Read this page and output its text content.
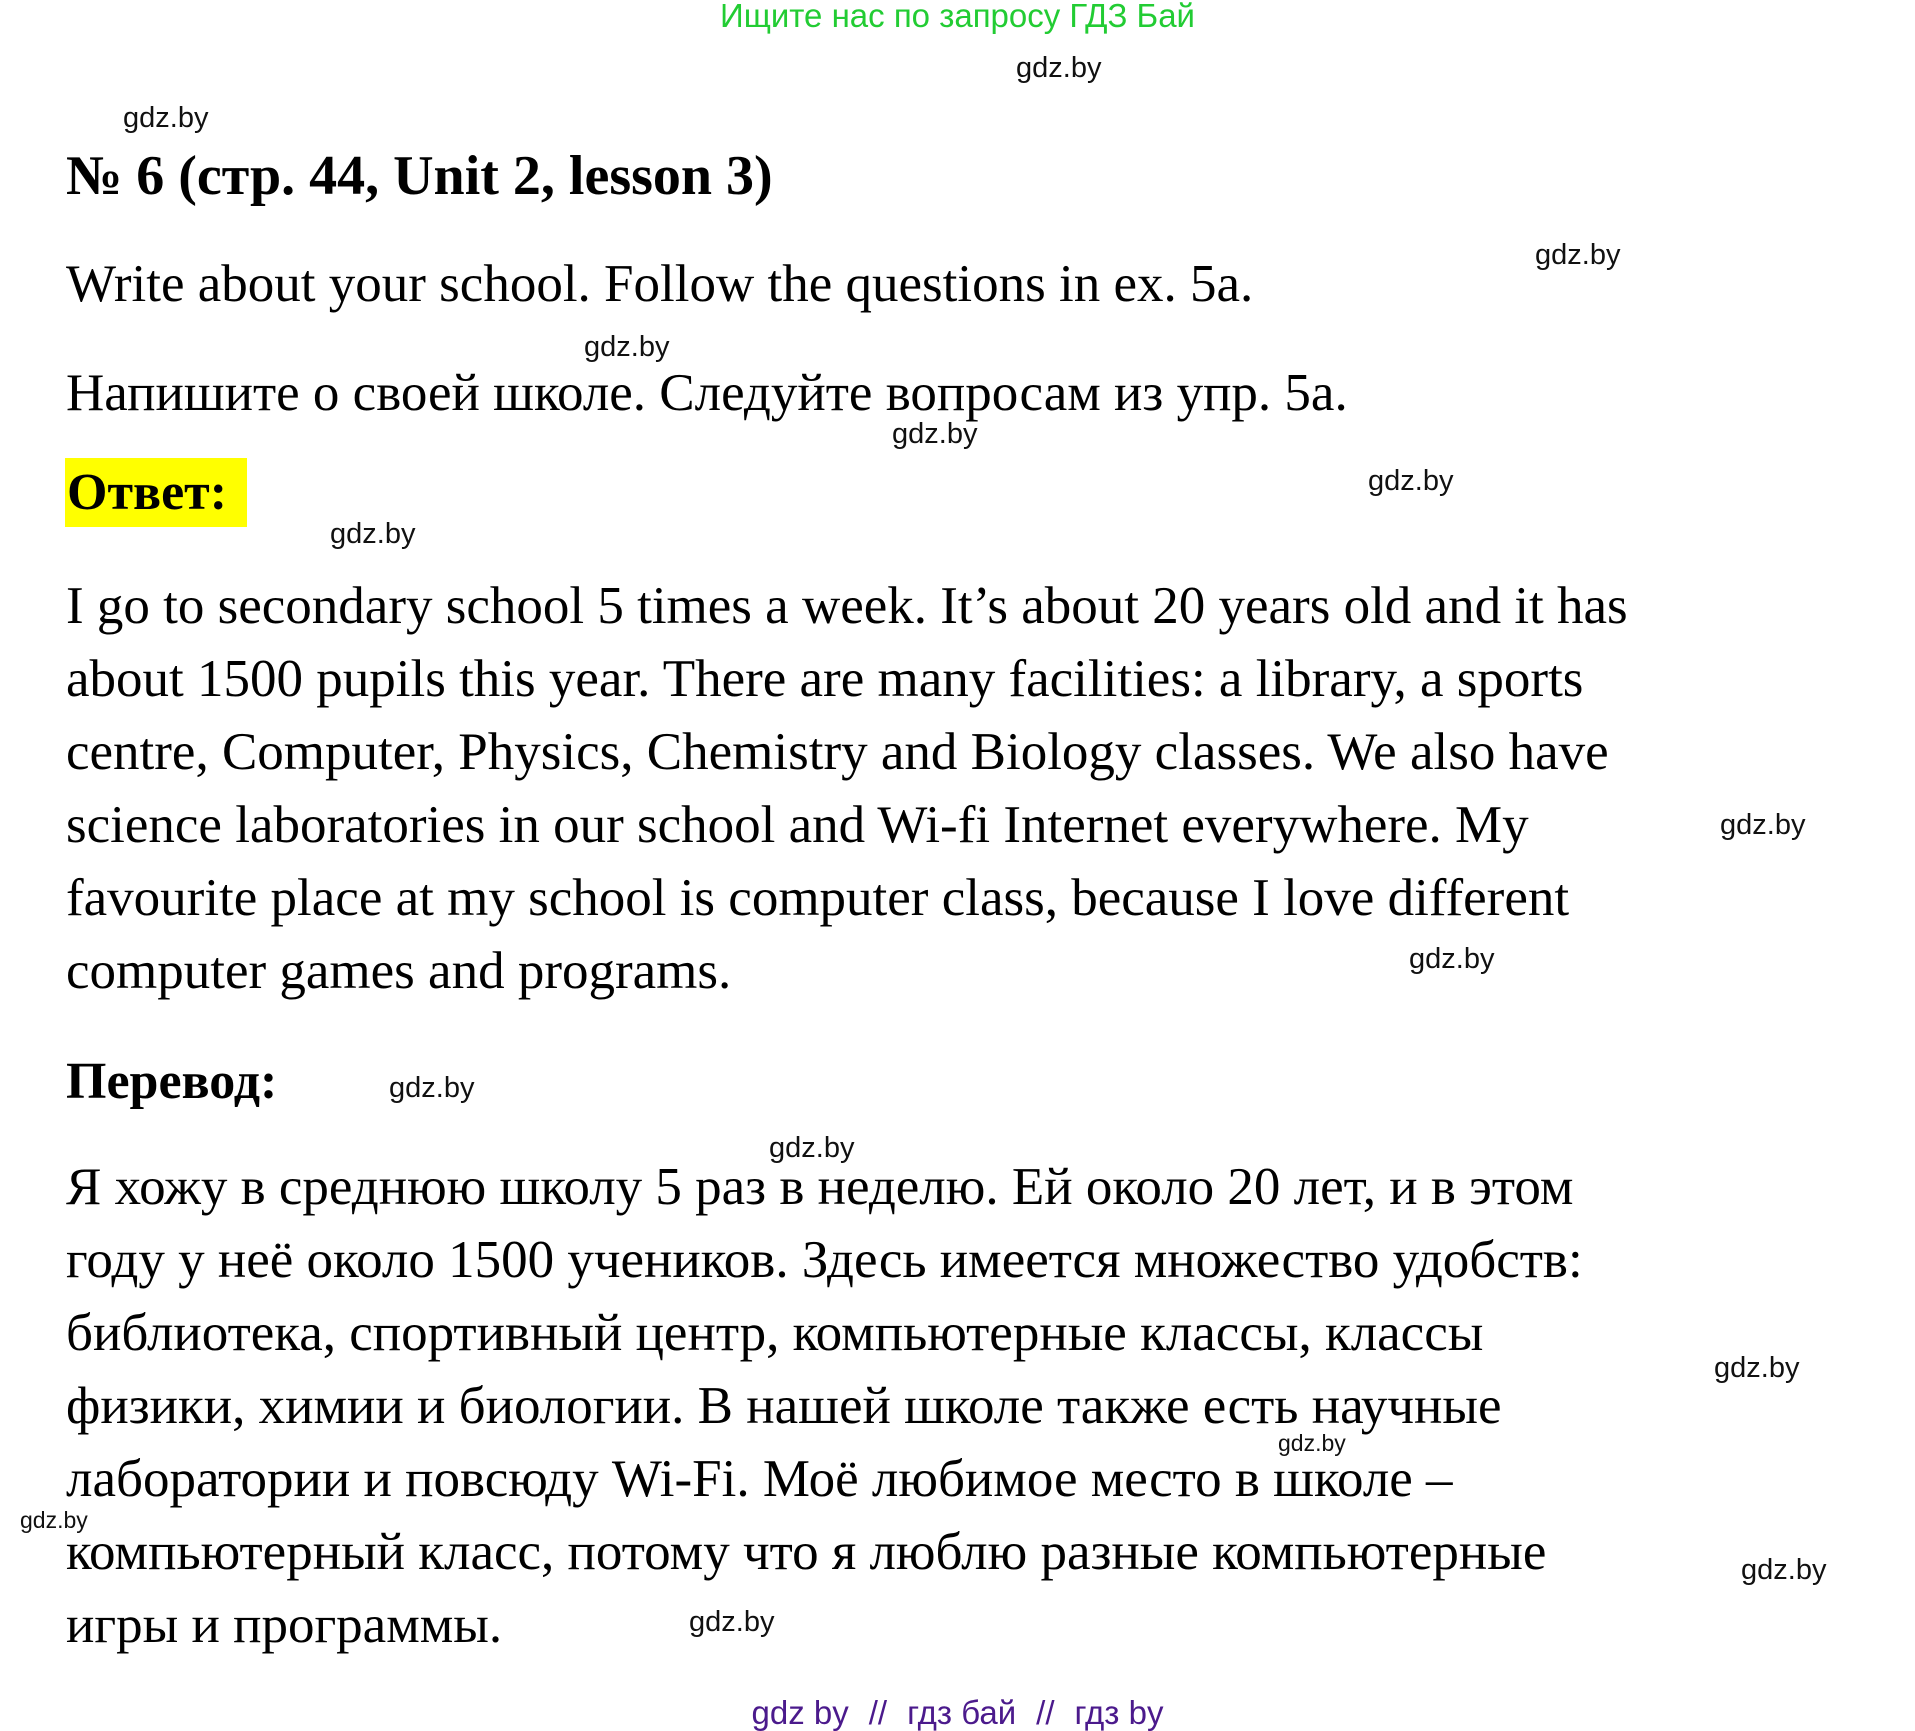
Ищите нас по запросу ГДЗ Бай
gdz.by
gdz.by
gdz.by
gdz.by
gdz.by
gdz.by
gdz.by
gdz.by
gdz.by
gdz.by
gdz.by
gdz.by
gdz.by
gdz.by
gdz.by
gdz.by
№ 6 (стр. 44, Unit 2, lesson 3)
Write about your school. Follow the questions in ex. 5a.
Напишите о своей школе. Следуйте вопросам из упр. 5a.
Ответ:
I go to secondary school 5 times a week. It’s about 20 years old and it has
about 1500 pupils this year. There are many facilities: a library, a sports
centre, Computer, Physics, Chemistry and Biology classes. We also have
science laboratories in our school and Wi-fi Internet everywhere. My
favourite place at my school is computer class, because I love different
computer games and programs.
Перевод:
Я хожу в среднюю школу 5 раз в неделю. Ей около 20 лет, и в этом
году у неё около 1500 учеников. Здесь имеется множество удобств:
библиотека, спортивный центр, компьютерные классы, классы
физики, химии и биологии. В нашей школе также есть научные
лаборатории и повсюду Wi-Fi. Моё любимое место в школе –
компьютерный класс, потому что я люблю разные компьютерные
игры и программы.
gdz by // гдз бай // гдз by
